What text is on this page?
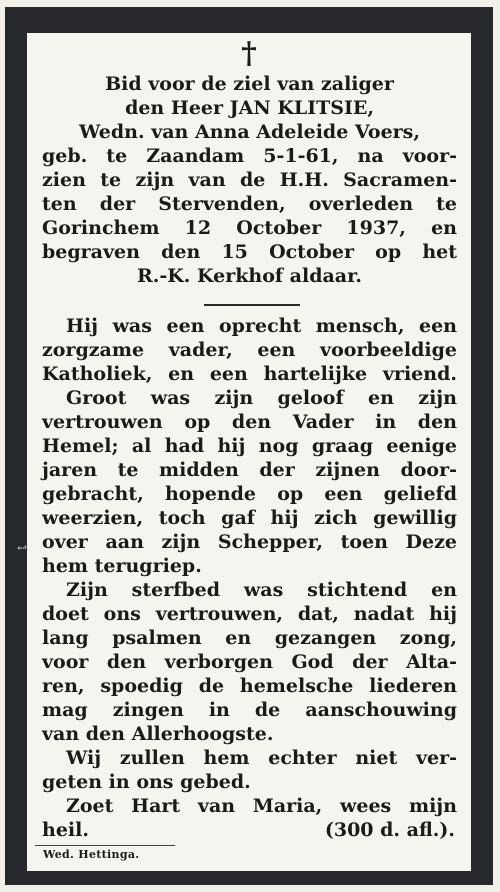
↩
†
Bid voor de ziel van zaliger
den Heer JAN KLITSIE,
Wedn. van Anna Adeleide Voers,
geb. te Zaandam 5-1-61, na voor-
zien te zijn van de H.H. Sacramen-
ten der Stervenden, overleden te
Gorinchem 12 October 1937, en
begraven den 15 October op het
R.-K. Kerkhof aldaar.
Hij was een oprecht mensch, een
zorgzame vader, een voorbeeldige
Katholiek, en een hartelijke vriend.
Groot was zijn geloof en zijn
vertrouwen op den Vader in den
Hemel; al had hij nog graag eenige
jaren te midden der zijnen door-
gebracht, hopende op een geliefd
weerzien, toch gaf hij zich gewillig
over aan zijn Schepper, toen Deze
hem terugriep.
Zijn sterfbed was stichtend en
doet ons vertrouwen, dat, nadat hij
lang psalmen en gezangen zong,
voor den verborgen God der Alta-
ren, spoedig de hemelsche liederen
mag zingen in de aanschouwing
van den Allerhoogste.
Wij zullen hem echter niet ver-
geten in ons gebed.
Zoet Hart van Maria, wees mijn
heil.	(300 d. afl.).
Wed. Hettinga.
